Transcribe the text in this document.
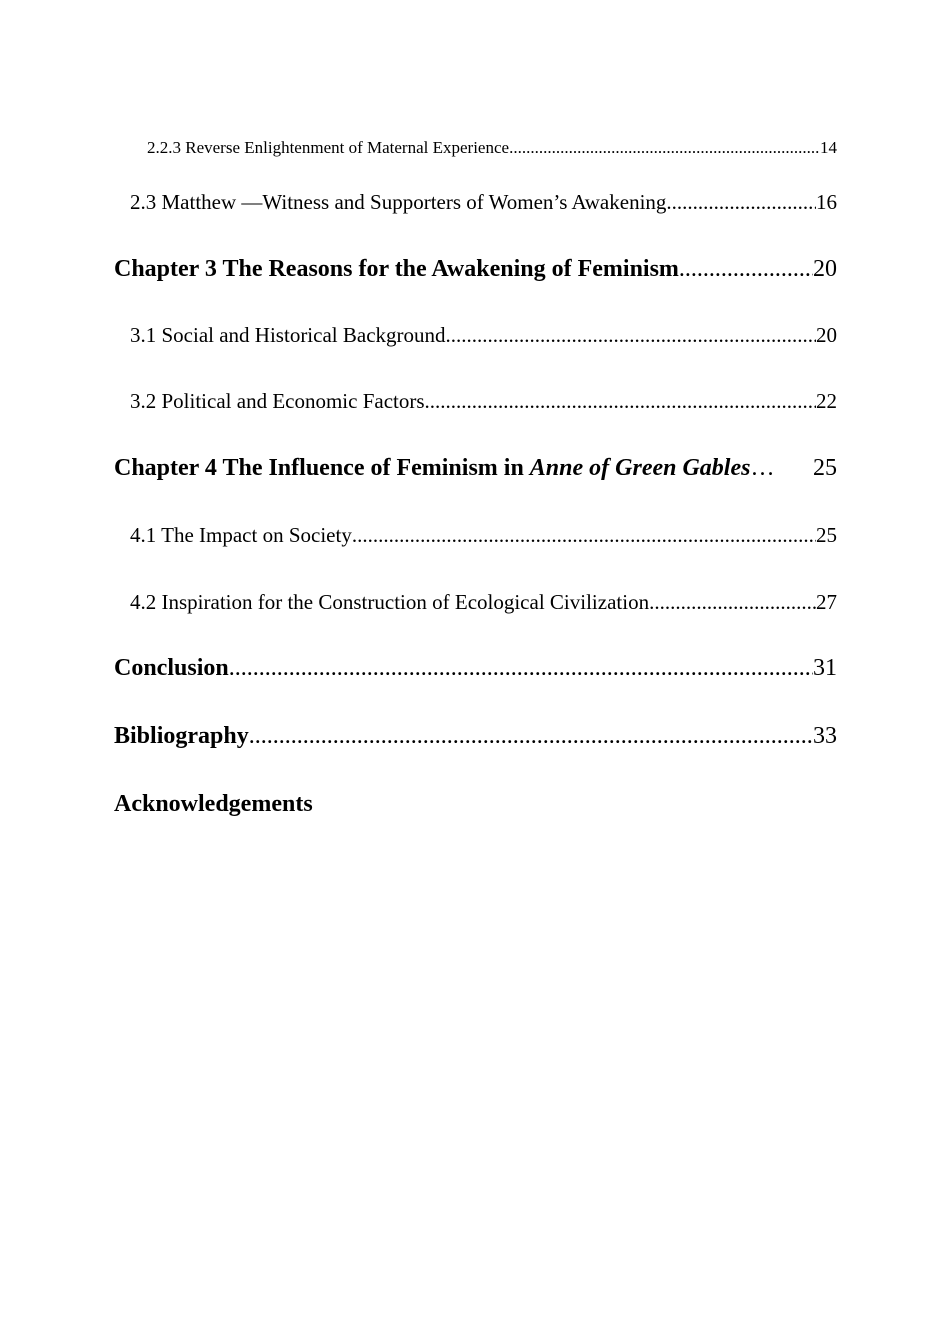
2.2.3 Reverse Enlightenment of Maternal Experience .....	14
2.3 Matthew —Witness and Supporters of Women’s Awakening .....	16
Chapter 3 The Reasons for the Awakening of Feminism .....	20
3.1 Social and Historical Background .....	20
3.2 Political and Economic Factors .....	22
Chapter 4 The Influence of Feminism in Anne of Green Gables …	25
4.1 The Impact on Society .....	25
4.2 Inspiration for the Construction of Ecological Civilization .....	27
Conclusion .....	31
Bibliography .....	33
Acknowledgements
